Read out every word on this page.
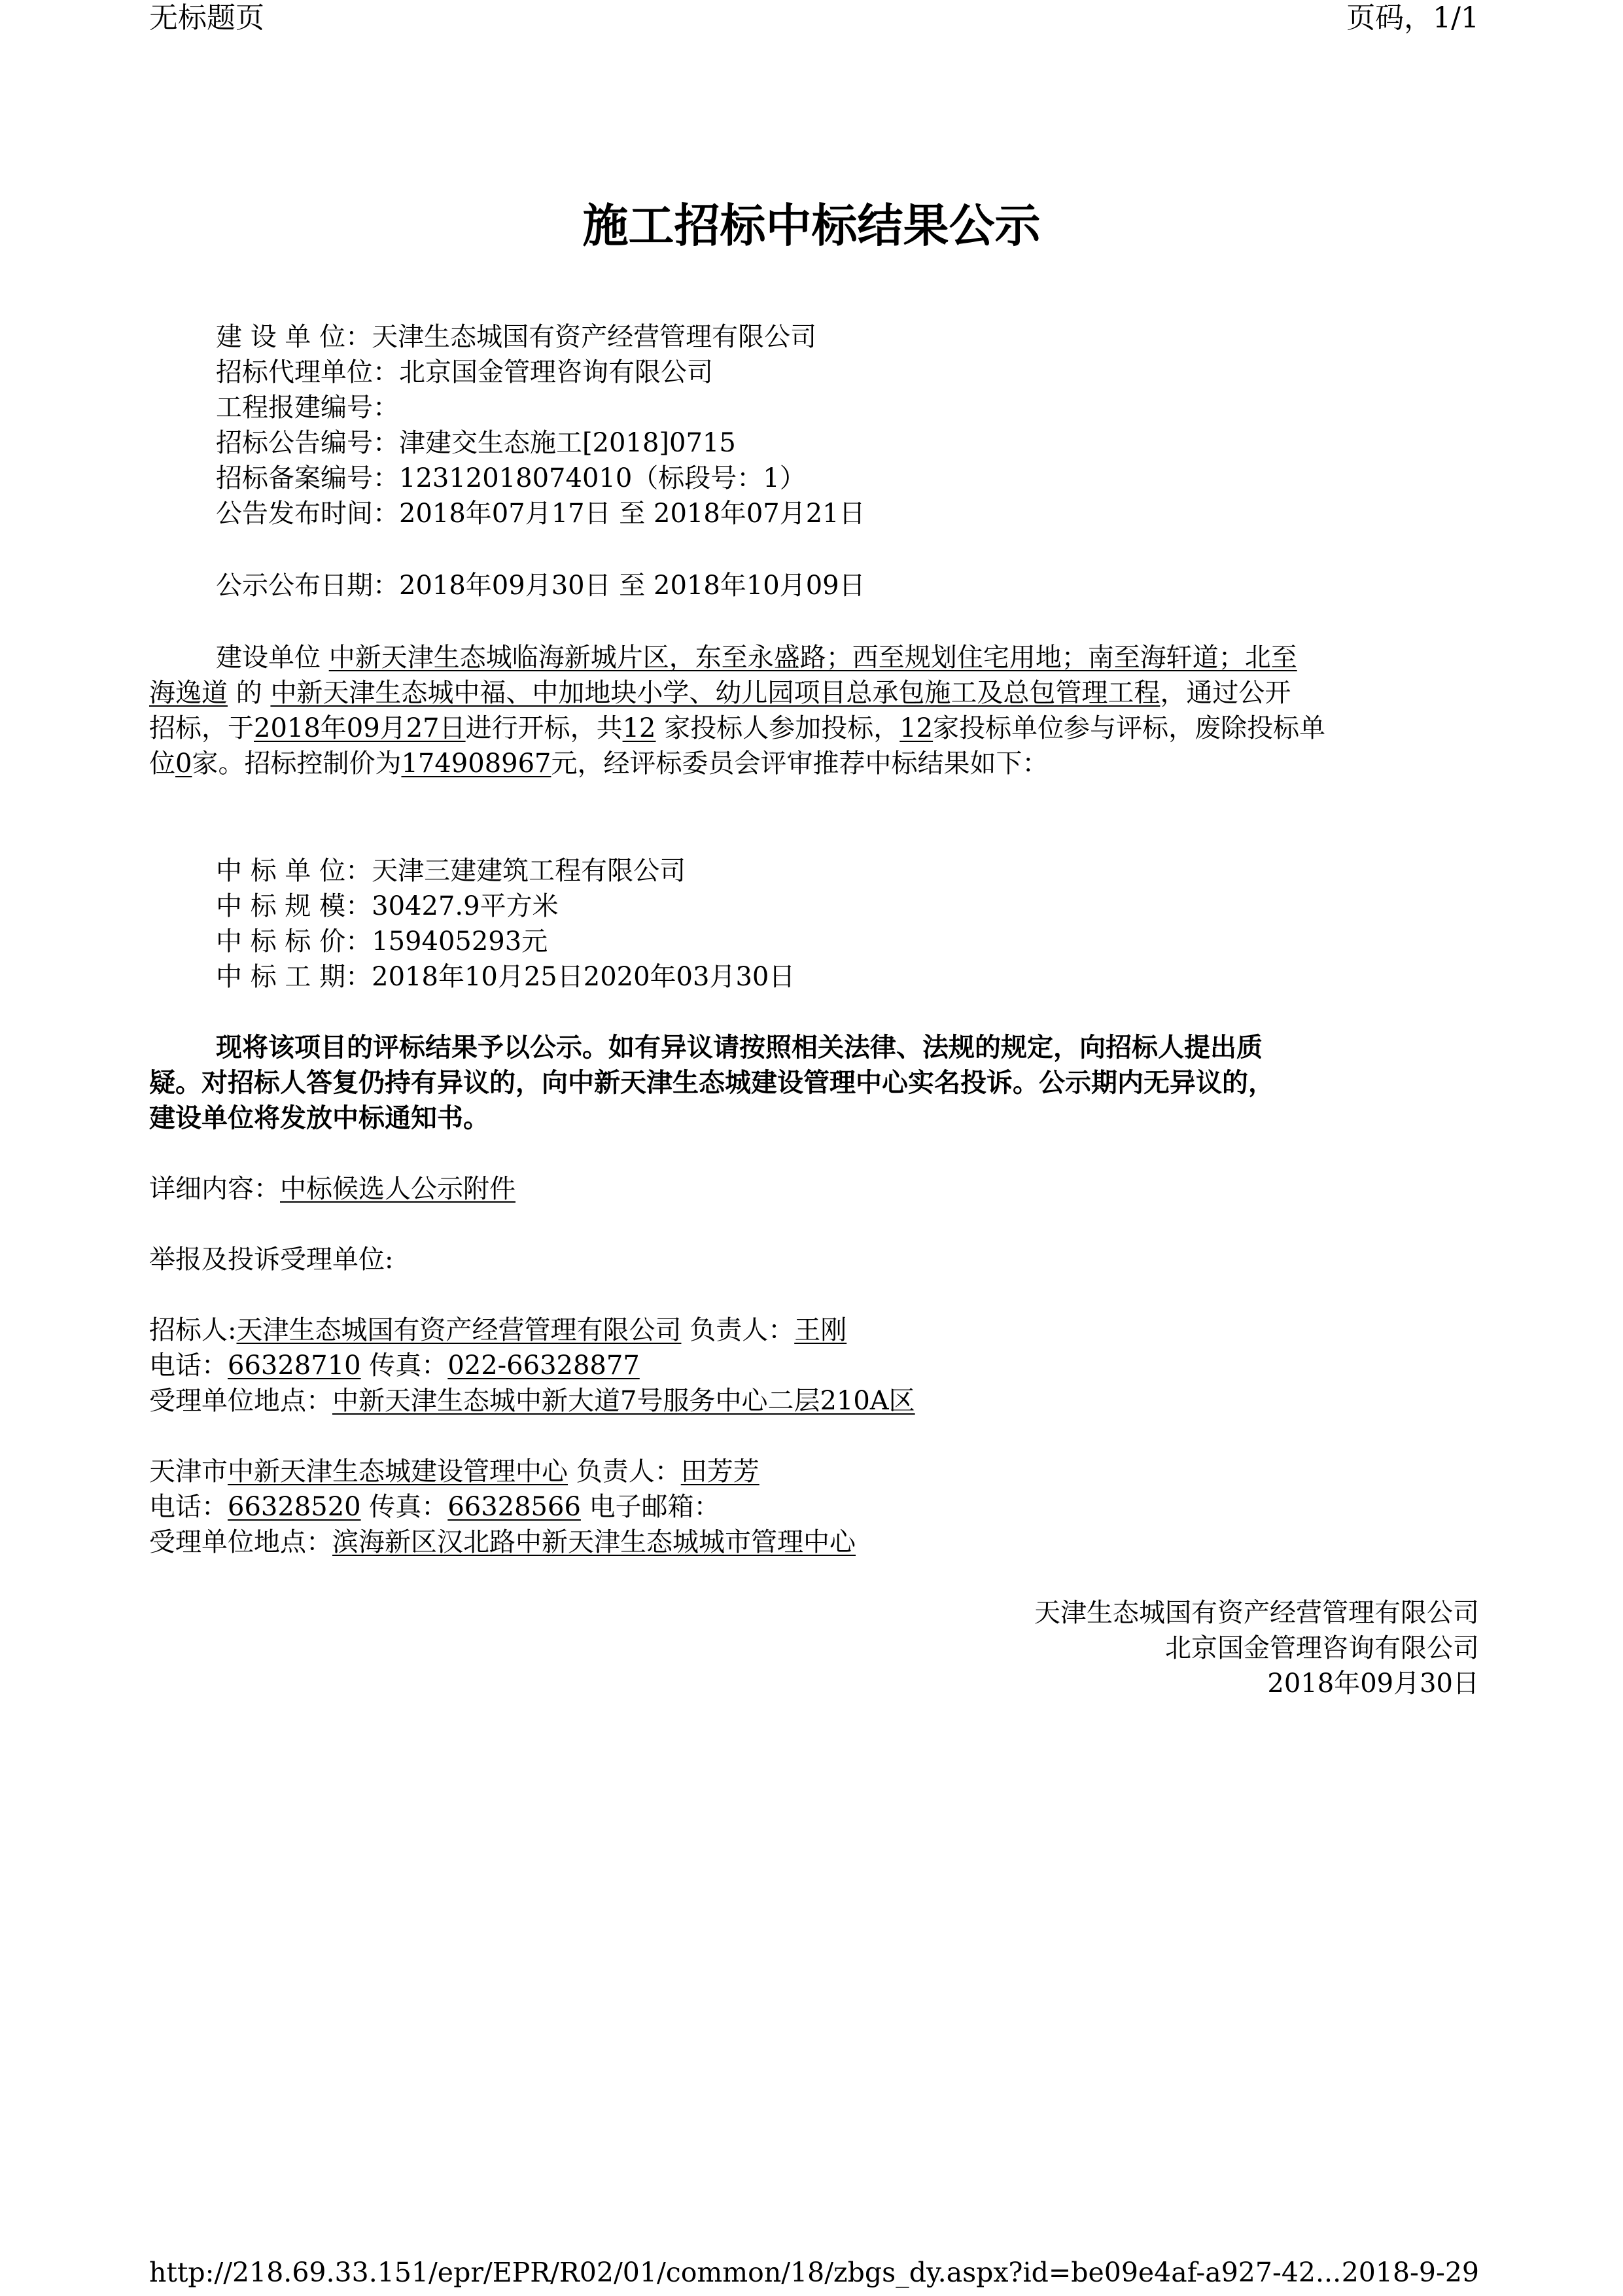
无标题页	页码，1/1
施工招标中标结果公示
建 设 单 位：天津生态城国有资产经营管理有限公司
招标代理单位：北京国金管理咨询有限公司
工程报建编号：
招标公告编号：津建交生态施工[2018]0715
招标备案编号：12312018074010（标段号：1）
公告发布时间：2018年07月17日 至 2018年07月21日
公示公布日期：2018年09月30日 至 2018年10月09日
建设单位 中新天津生态城临海新城片区，东至永盛路；西至规划住宅用地；南至海轩道；北至
海逸道 的 中新天津生态城中福、中加地块小学、幼儿园项目总承包施工及总包管理工程，通过公开
招标，于2018年09月27日进行开标，共12 家投标人参加投标，12家投标单位参与评标，废除投标单
位0家。招标控制价为174908967元，经评标委员会评审推荐中标结果如下：
中 标 单 位：天津三建建筑工程有限公司
中 标 规 模：30427.9平方米
中 标 标 价：159405293元
中 标 工 期：2018年10月25日2020年03月30日
现将该项目的评标结果予以公示。如有异议请按照相关法律、法规的规定，向招标人提出质
疑。对招标人答复仍持有异议的，向中新天津生态城建设管理中心实名投诉。公示期内无异议的，
建设单位将发放中标通知书。
详细内容：中标候选人公示附件
举报及投诉受理单位:
招标人:天津生态城国有资产经营管理有限公司 负责人：王刚
电话：66328710 传真：022-66328877
受理单位地点：中新天津生态城中新大道7号服务中心二层210A区
天津市中新天津生态城建设管理中心 负责人：田芳芳
电话：66328520 传真：66328566 电子邮箱：
受理单位地点：滨海新区汉北路中新天津生态城城市管理中心
天津生态城国有资产经营管理有限公司
北京国金管理咨询有限公司
2018年09月30日
http://218.69.33.151/epr/EPR/R02/01/common/18/zbgs_dy.aspx?id=be09e4af-a927-42... 2018-9-29
